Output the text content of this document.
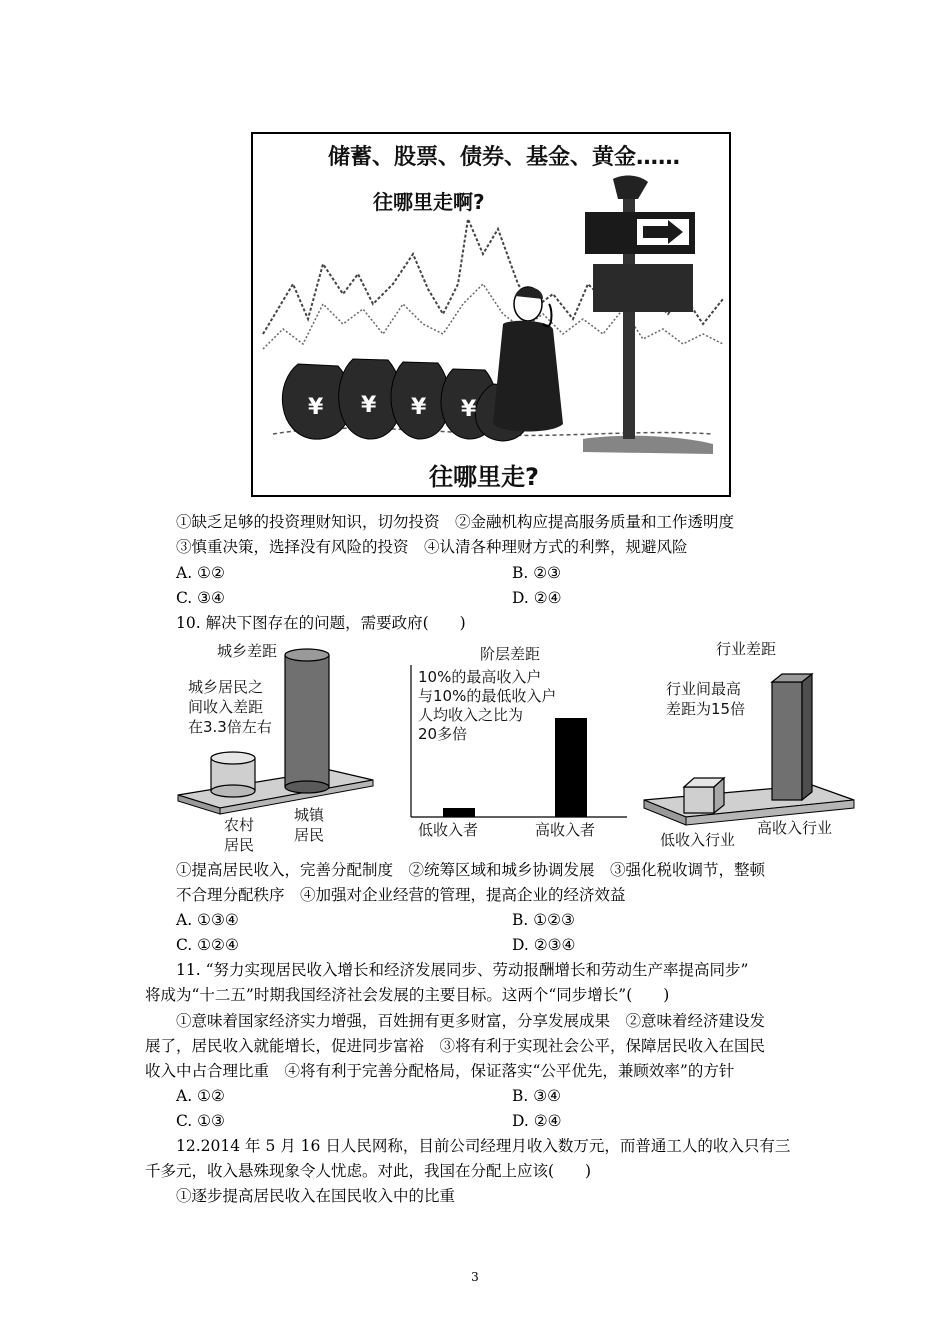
¥ ¥ ¥ ¥
储蓄、股票、债券、基金、黄金……
往哪里走啊?
往哪里走?
①缺乏足够的投资理财知识，切勿投资　②金融机构应提高服务质量和工作透明度
③慎重决策，选择没有风险的投资　④认清各种理财方式的利弊，规避风险
A. ①②	B. ②③
C. ③④	D. ②④
10. 解决下图存在的问题，需要政府(　　)
城乡差距
城乡居民之
间收入差距
在3.3倍左右
农村
居民
城镇
居民
阶层差距
10%的最高收入户
与10%的最低收入户
人均收入之比为
20多倍
低收入者	高收入者
行业差距
行业间最高
差距为15倍
低收入行业
高收入行业
①提高居民收入，完善分配制度　②统筹区域和城乡协调发展　③强化税收调节，整顿
不合理分配秩序　④加强对企业经营的管理，提高企业的经济效益
A. ①③④	B. ①②③
C. ①②④	D. ②③④
11. “努力实现居民收入增长和经济发展同步、劳动报酬增长和劳动生产率提高同步”
将成为“十二五”时期我国经济社会发展的主要目标。这两个“同步增长”(　　)
①意味着国家经济实力增强，百姓拥有更多财富，分享发展成果　②意味着经济建设发
展了，居民收入就能增长，促进同步富裕　③将有利于实现社会公平，保障居民收入在国民
收入中占合理比重　④将有利于完善分配格局，保证落实“公平优先，兼顾效率”的方针
A. ①②	B. ③④
C. ①③	D. ②④
12.2014 年 5 月 16 日人民网称，目前公司经理月收入数万元，而普通工人的收入只有三
千多元，收入悬殊现象令人忧虑。对此，我国在分配上应该(　　)
①逐步提高居民收入在国民收入中的比重
3
